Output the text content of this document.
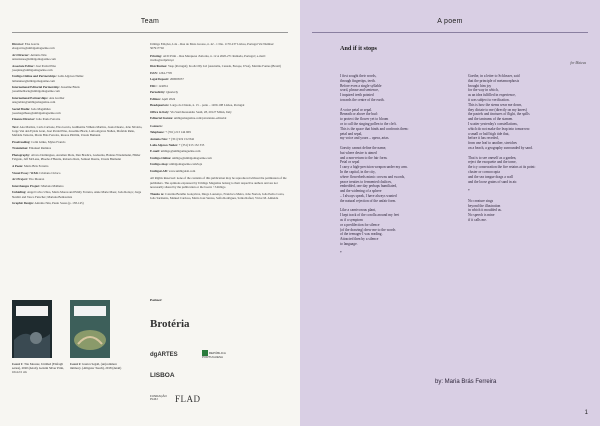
Team

Director: Elsa Garcia
elsagarcia@umbigomagazine.com

Art Director: António Néu
antonionea@umbigomagazine.com

Associate Editor: José Pardal Pina
josepina@umbigomagazine.com

Umbigo Online and Partnerships: Laila Algaves Nuñez
lailanunez@umbigomagazine.com

International Editorial Partnership: Josseline Black
josselineblack@umbigomagazine.com

International Partnerships: Ana Grebler
anagrebler@umbigomagazine.com

Social Media: João Magalhães
joaomagalhaes@umbigomagazine.com

Finance Director: João Paulo Ferreira

Text: Ana Martins, Carla Carbone, Elsa Garcia, Guilherme Vilhena Martins, Joana Duarte, João Silvério, Jorge Van den Eynde Gran, José Pardal Pina, Josseline Black, Laila Algaves Nuñez, Mafalda Ruão, Mafalda Teixeira, Maria Brás Ferreira, Rosrea Pittilini, Ursula Bumann

Proofreading: Colin Ginks, Myles Francis

Translation: Emanuel Ramires

Photography: Alvaro Domingues, Aurelien Mole, Dan Bradica, Gaduatna, Hannes Wiedemann, Hilder Falgado, Jeff McLane, Phoebe d'Heurle, Roberto Ruiz, Samuel Duarte, Ursula Biemann

A Poem: Maria Brás Ferreira

Visual Essay: W&K Cristiano Ciríaco

Art Project: Tito Mouraz

Interchanges Project: Mariana Malheiro

Unfolding: Angel Calvo Ulloa, Maria Moreu and Emily Ferreira, Anne Marie Maes; João Rolaça; Jorge Nesbitt and Vasco Futscher; Mariana Benlasrista

Graphic Design: António Néu, Paulo Sousa (p. 138-145)

Umbigo Edições, Lda – Rua do Mato Grosso, n. 42 - 1 Dto. 1170-237 Lisboa, Portugal Vat Number: 507917702

Printing: ACD Print – Rua Marquesa d'Alorna, n. 12 A 2620-271 Ramada, Portugal | e-mail: ricelia@acdprint.pt

Distribution: Vasp (Portugal); Ka & Olly Ltd (Australia, Canada, Europe, USA), Martins Fontes (Brazil)

ISSN: 1264-7705

Legal Deposit: 260003037

ERC: 124054

Periodicity: Quarterly

Edition: April 2024

Headquarters: Largo do Chiado, n. 15 – patio – 1200-108 Lisboa, Portugal

Office in Italy: Via Sant'Alessandro Sauli, 28, 20127 Milan, Italy

Editorial Statute: umbigomagazine.com/pt/estatuto-editorial

Contacts:

Telephone: + (351) 213 144 609

António Néu: + (351) 919 152 842

Laila Algaves Nuñez: + (351) 913 152 335

E-mail: umbigo@umbigomagazine.com

Umbigo Online: umbigo@umbigomagazine.com

Umbigo shop: umbigomagazine.com/loja

UmbigoLAB: www.umbigolab.com

All Rights Reserved: none of the contents of this publication may be reproduced without the permission of the publishers. The opinions expressed by Umbigo Magazine belong to their respective authors and are not necessarily shared by the publication or the board. ©Umbigo

Thanks to: Catarina Botelho Gonçalves, Diogo Lourenço, Francisco Meira, João Norton, João Pedro Costa, João Sarmento, Manuel Cardoso, Maria José Santos, Sofia Rodrigues, Sónia Rafael, Victor M. Almeida

Partner:
Brotéria
dgARTES	REPÚBLICA PORTUGUESA
LISBOA
FUNDAÇÃO PLMJ	FLAD
Cover 1: Tito Mouraz, Untitled (Enfragh series), 2020 (detail), Gelatin Silver Print, 10x12.5 cm
Cover 2: Jessica Segall, (un)common intimacy. (Alligator Touch), 2018 (detail)
A poem
And if it stops
for Mateus

I first sought their words,
through fingertips, teeth.
Before even a single syllable
word, phrase and sentence,
I inquired teeth pointed
towards the centre of the earth.

A voice petal or sepal.
Beneath or above the bud:
to protect the flower yet to bloom
or to call the singing pollen to the cleft.
This is the space that binds and confronts them:
petal and sepal,
my voice and yours – opera, arias.

Gravity cannot define the name,
but where desire is aimed
and a non-return to the fair form.
Petal or sepal
I carry a high-precision weapon under my arm.
In the capital, in the city,
where flowerbeds mimic crowns and swords,
peace treaties to fermented chalices,
embedded, one day perhaps humiliated,
and the widening of a sphere
– I always speak, I have always wanted
the natural rejection of the unfair form.

Like a carnivorous plant,
I kept track of the corolla around my feet
as if a symptom
or a predilection for silence
(of the drawing) drew me to the words
of the teenager I was reading.
Attracted then by a silence
to language.

*

Goethe, in a letter to Schlosser, said
that the principle of metamorphosis
brought him joy
for the way in which,
as an idea fulfilled in experience,
it was subject to verification.
This is how the stems wear me down,
they dictate to me (directly on my knees)
the pastels and tinctures of flight, the spills
and the tantrums of the stamen.
I scatter yesterday's constellations,
which do not make the leap into tomorrow:
a small or half high tide that,
before it has receded,
from one leaf to another, stretches
on a beach, a geography surrounded by sand.

That is to see oneself as a garden,
reject the exoquette and the tome,
the icy consecration the fire retains at its point:
cluster or corncocopia
and the sea tongue drags a wall
and the loose grains of sand in air.

*

No creature sings
beyond the illustration
in which it moulded us.
No speech is mine
if it calls me.

by: Maria Brás Ferreira
1
